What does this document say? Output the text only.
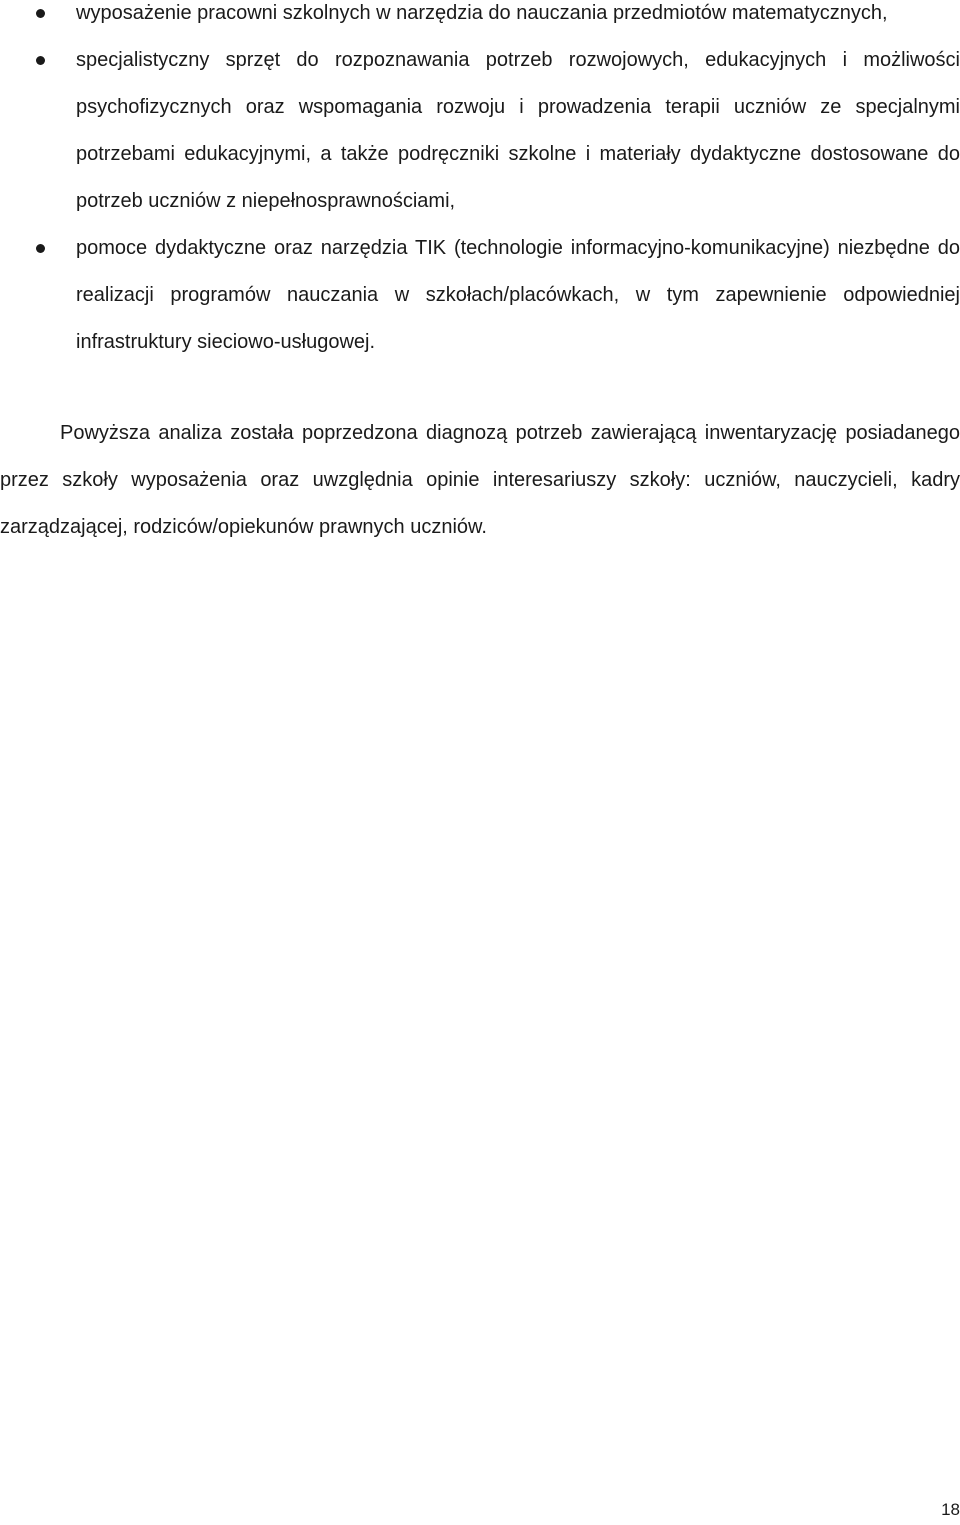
wyposażenie pracowni szkolnych w narzędzia do nauczania przedmiotów matematycznych,
specjalistyczny sprzęt do rozpoznawania potrzeb rozwojowych, edukacyjnych i możliwości psychofizycznych oraz wspomagania rozwoju i prowadzenia terapii uczniów ze specjalnymi potrzebami edukacyjnymi, a także podręczniki szkolne i materiały dydaktyczne dostosowane do potrzeb uczniów z niepełnosprawnościami,
pomoce dydaktyczne oraz narzędzia TIK (technologie informacyjno-komunikacyjne) niezbędne do realizacji programów nauczania w szkołach/placówkach, w tym zapewnienie odpowiedniej infrastruktury sieciowo-usługowej.

Powyższa analiza została poprzedzona diagnozą potrzeb zawierającą inwentaryzację posiadanego przez szkoły wyposażenia oraz uwzględnia opinie interesariuszy szkoły: uczniów, nauczycieli, kadry zarządzającej, rodziców/opiekunów prawnych uczniów.

18
